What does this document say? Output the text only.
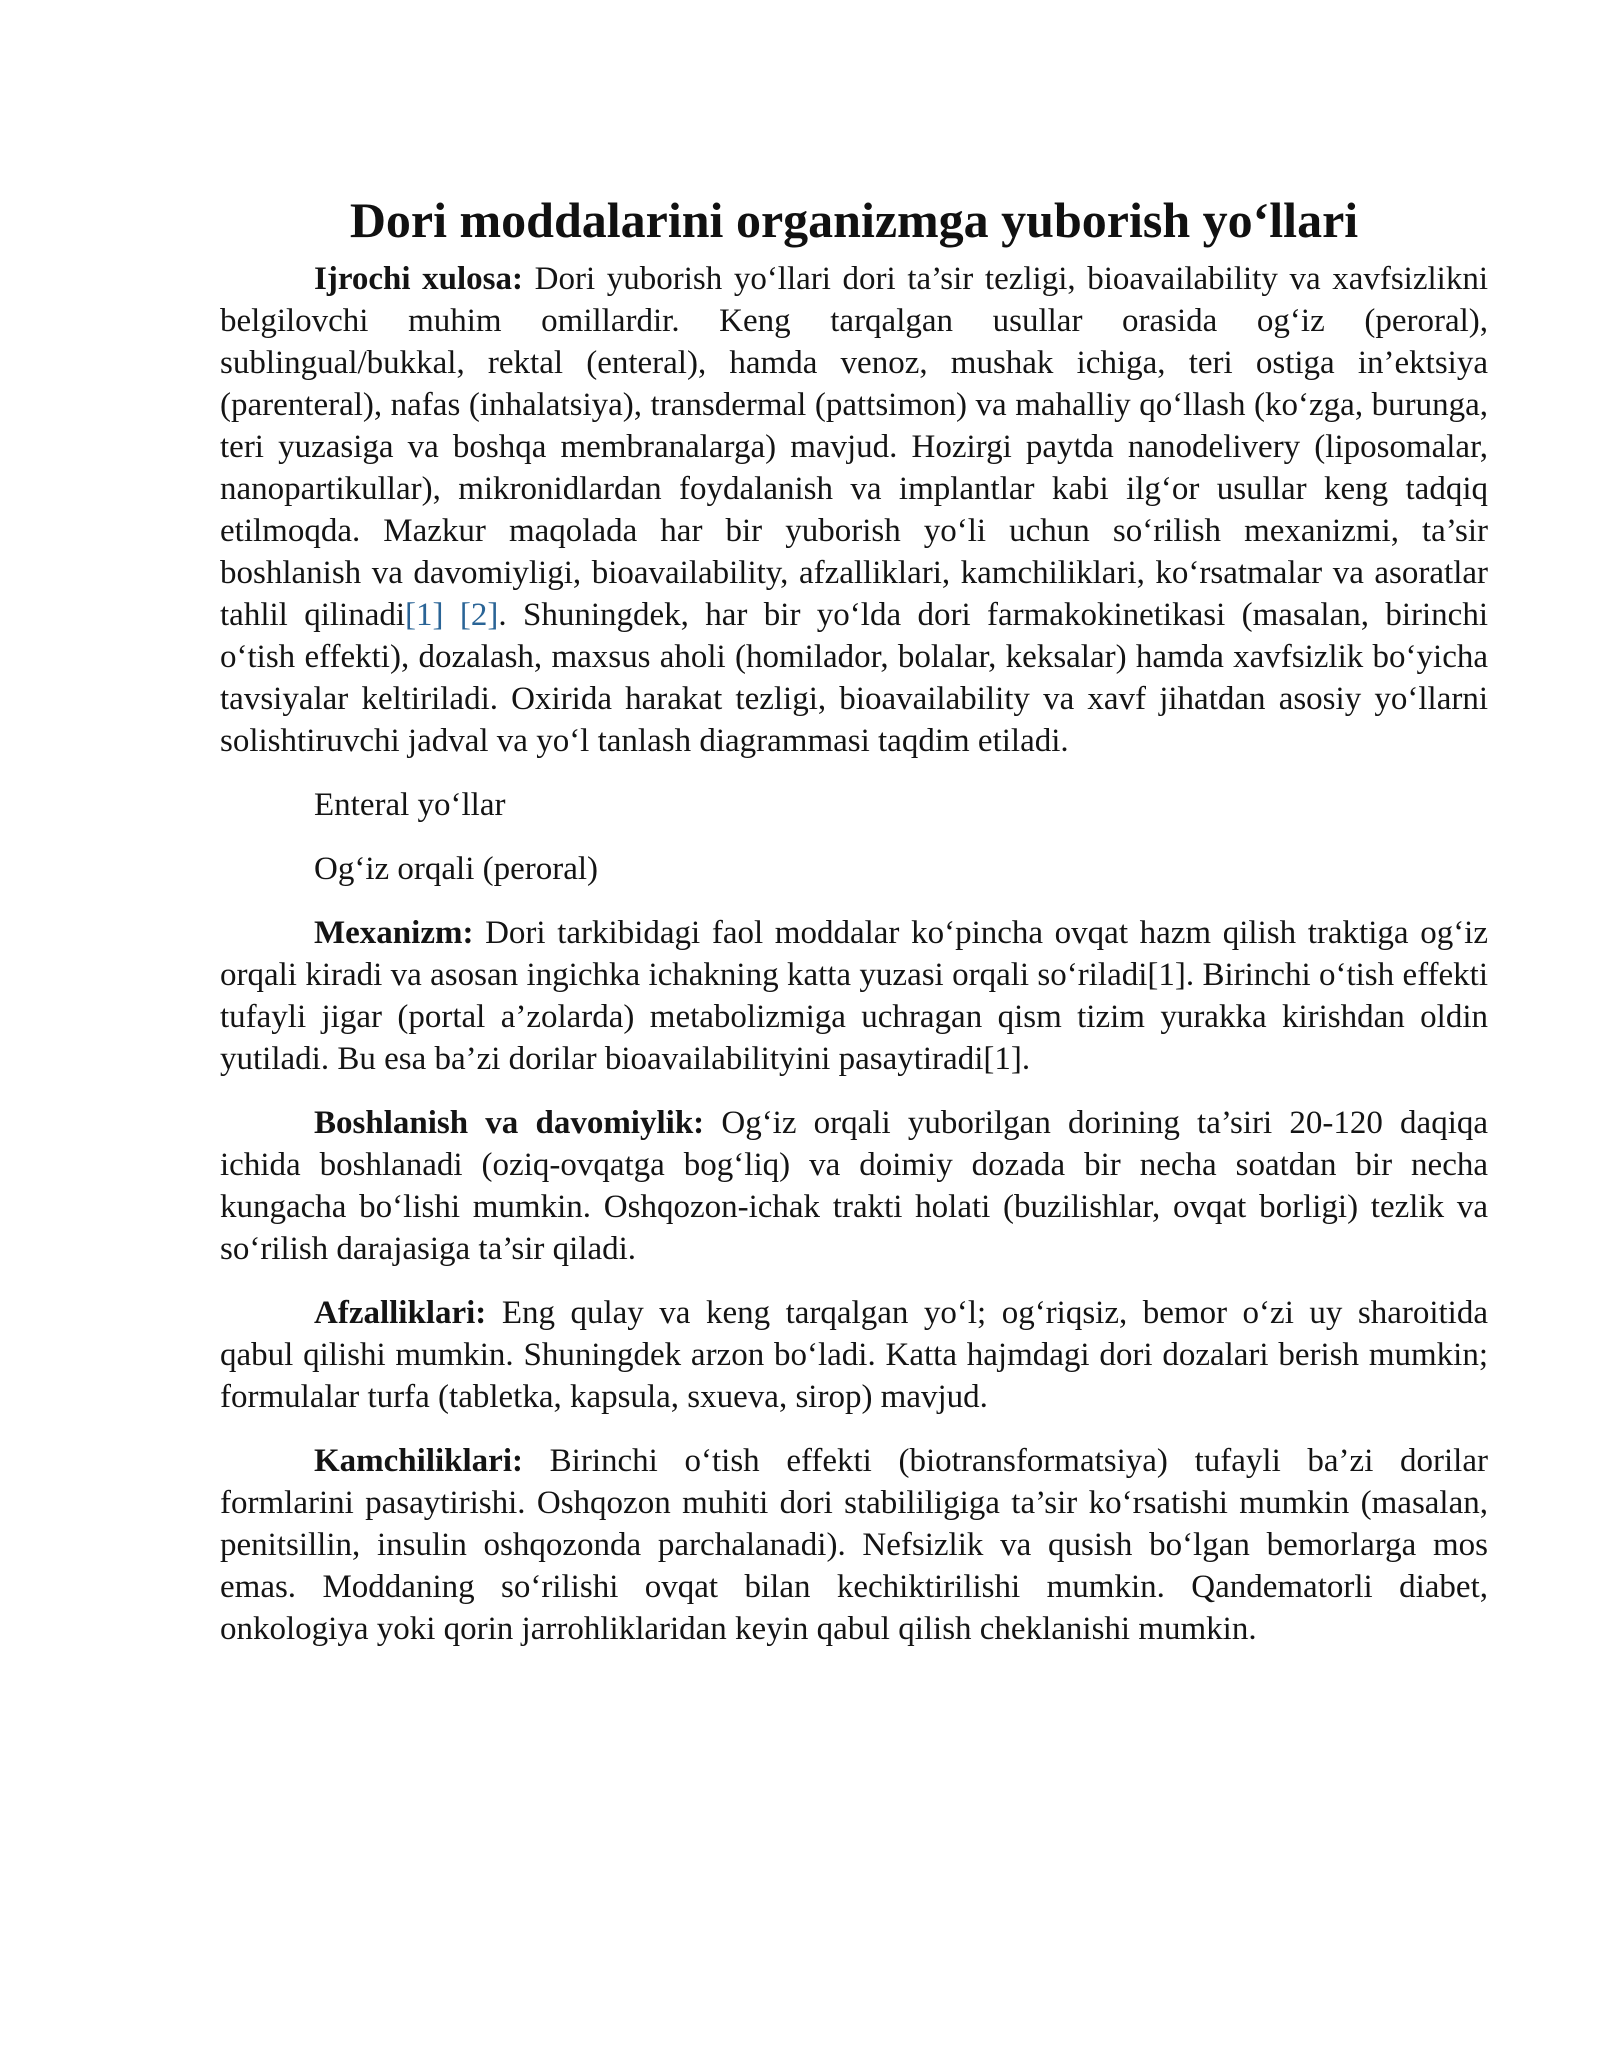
Dori moddalarini organizmga yuborish yo‘llari

Ijrochi xulosa: Dori yuborish yo‘llari dori ta’sir tezligi, bioavailability va xavfsizlikni belgilovchi muhim omillardir. Keng tarqalgan usullar orasida og‘iz (peroral), sublingual/bukkal, rektal (enteral), hamda venoz, mushak ichiga, teri ostiga in’ektsiya (parenteral), nafas (inhalatsiya), transdermal (pattsimon) va mahalliy qo‘llash (ko‘zga, burunga, teri yuzasiga va boshqa membranalarga) mavjud. Hozirgi paytda nanodelivery (liposomalar, nanopartikullar), mikronidlardan foydalanish va implantlar kabi ilg‘or usullar keng tadqiq etilmoqda. Mazkur maqolada har bir yuborish yo‘li uchun so‘rilish mexanizmi, ta’sir boshlanish va davomiyligi, bioavailability, afzalliklari, kamchiliklari, ko‘rsatmalar va asoratlar tahlil qilinadi[1] [2]. Shuningdek, har bir yo‘lda dori farmakokinetikasi (masalan, birinchi o‘tish effekti), dozalash, maxsus aholi (homilador, bolalar, keksalar) hamda xavfsizlik bo‘yicha tavsiyalar keltiriladi. Oxirida harakat tezligi, bioavailability va xavf jihatdan asosiy yo‘llarni solishtiruvchi jadval va yo‘l tanlash diagrammasi taqdim etiladi.

Enteral yo‘llar

Og‘iz orqali (peroral)

Mexanizm: Dori tarkibidagi faol moddalar ko‘pincha ovqat hazm qilish traktiga og‘iz orqali kiradi va asosan ingichka ichakning katta yuzasi orqali so‘riladi[1]. Birinchi o‘tish effekti tufayli jigar (portal a’zolarda) metabolizmiga uchragan qism tizim yurakka kirishdan oldin yutiladi. Bu esa ba’zi dorilar bioavailabilityini pasaytiradi[1].

Boshlanish va davomiylik: Og‘iz orqali yuborilgan dorining ta’siri 20-120 daqiqa ichida boshlanadi (oziq-ovqatga bog‘liq) va doimiy dozada bir necha soatdan bir necha kungacha bo‘lishi mumkin. Oshqozon-ichak trakti holati (buzilishlar, ovqat borligi) tezlik va so‘rilish darajasiga ta’sir qiladi.

Afzalliklari: Eng qulay va keng tarqalgan yo‘l; og‘riqsiz, bemor o‘zi uy sharoitida qabul qilishi mumkin. Shuningdek arzon bo‘ladi. Katta hajmdagi dori dozalari berish mumkin; formulalar turfa (tabletka, kapsula, sxueva, sirop) mavjud.

Kamchiliklari: Birinchi o‘tish effekti (biotransformatsiya) tufayli ba’zi dorilar formlarini pasaytirishi. Oshqozon muhiti dori stabililigiga ta’sir ko‘rsatishi mumkin (masalan, penitsillin, insulin oshqozonda parchalanadi). Nefsizlik va qusish bo‘lgan bemorlarga mos emas. Moddaning so‘rilishi ovqat bilan kechiktirilishi mumkin. Qandematorli diabet, onkologiya yoki qorin jarrohliklaridan keyin qabul qilish cheklanishi mumkin.
